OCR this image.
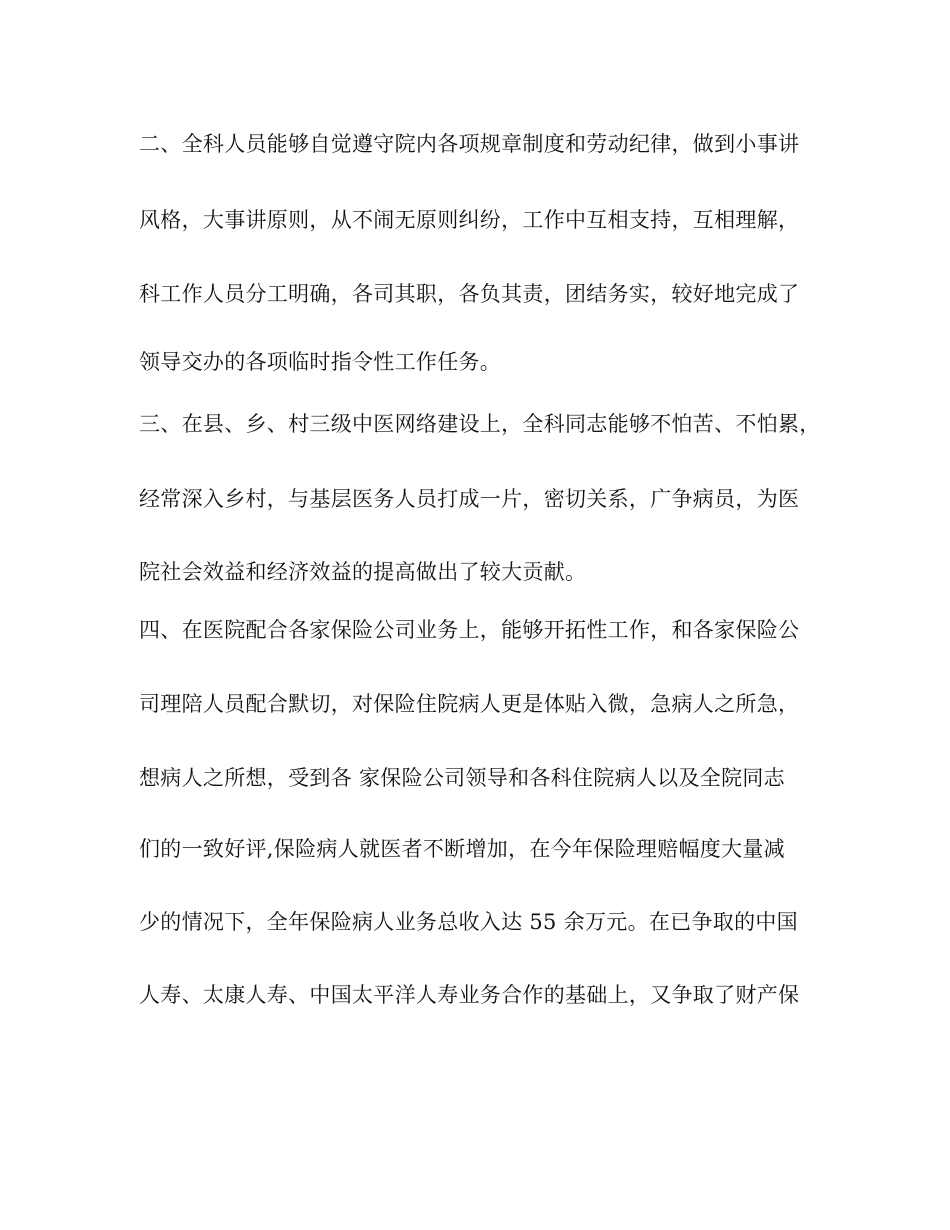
二、全科人员能够自觉遵守院内各项规章制度和劳动纪律，做到小事讲
风格，大事讲原则，从不闹无原则纠纷，工作中互相支持，互相理解，
科工作人员分工明确，各司其职，各负其责，团结务实，较好地完成了
领导交办的各项临时指令性工作任务。
三、在县、乡、村三级中医网络建设上，全科同志能够不怕苦、不怕累，
经常深入乡村，与基层医务人员打成一片，密切关系，广争病员，为医
院社会效益和经济效益的提高做出了较大贡献。
四、在医院配合各家保险公司业务上，能够开拓性工作，和各家保险公
司理陪人员配合默切，对保险住院病人更是体贴入微，急病人之所急，
想病人之所想，受到各 家保险公司领导和各科住院病人以及全院同志
们的一致好评,保险病人就医者不断增加，在今年保险理赔幅度大量减
少的情况下，全年保险病人业务总收入达 55 余万元。在已争取的中国
人寿、太康人寿、中国太平洋人寿业务合作的基础上，又争取了财产保
